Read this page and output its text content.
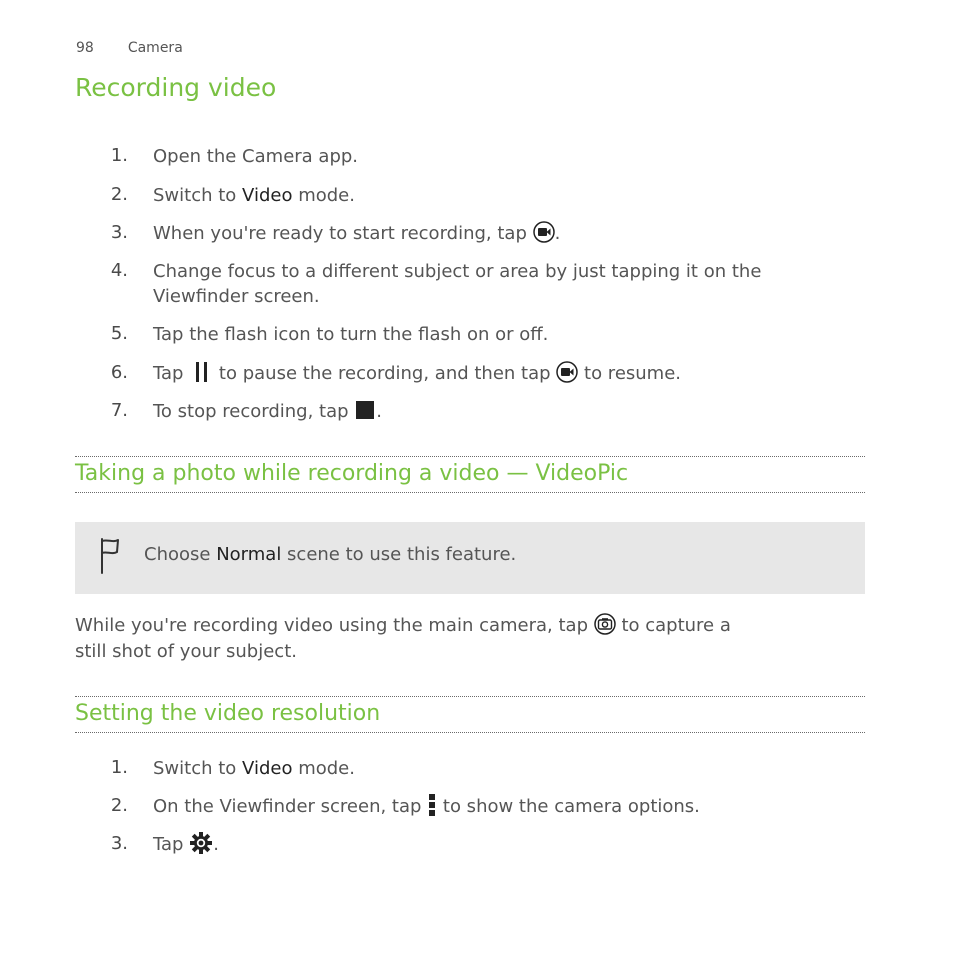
98 Camera
Recording video
1. Open the Camera app.
2. Switch to Video mode.
3. When you're ready to start recording, tap .
4. Change focus to a different subject or area by just tapping it on the
Viewfinder screen.
5. Tap the flash icon to turn the flash on or off.
6. Tap  to pause the recording, and then tap  to resume.
7. To stop recording, tap .
Taking a photo while recording a video — VideoPic
Choose Normal scene to use this feature.
While you're recording video using the main camera, tap  to capture a
still shot of your subject.
Setting the video resolution
1. Switch to Video mode.
2. On the Viewfinder screen, tap  to show the camera options.
3. Tap .
